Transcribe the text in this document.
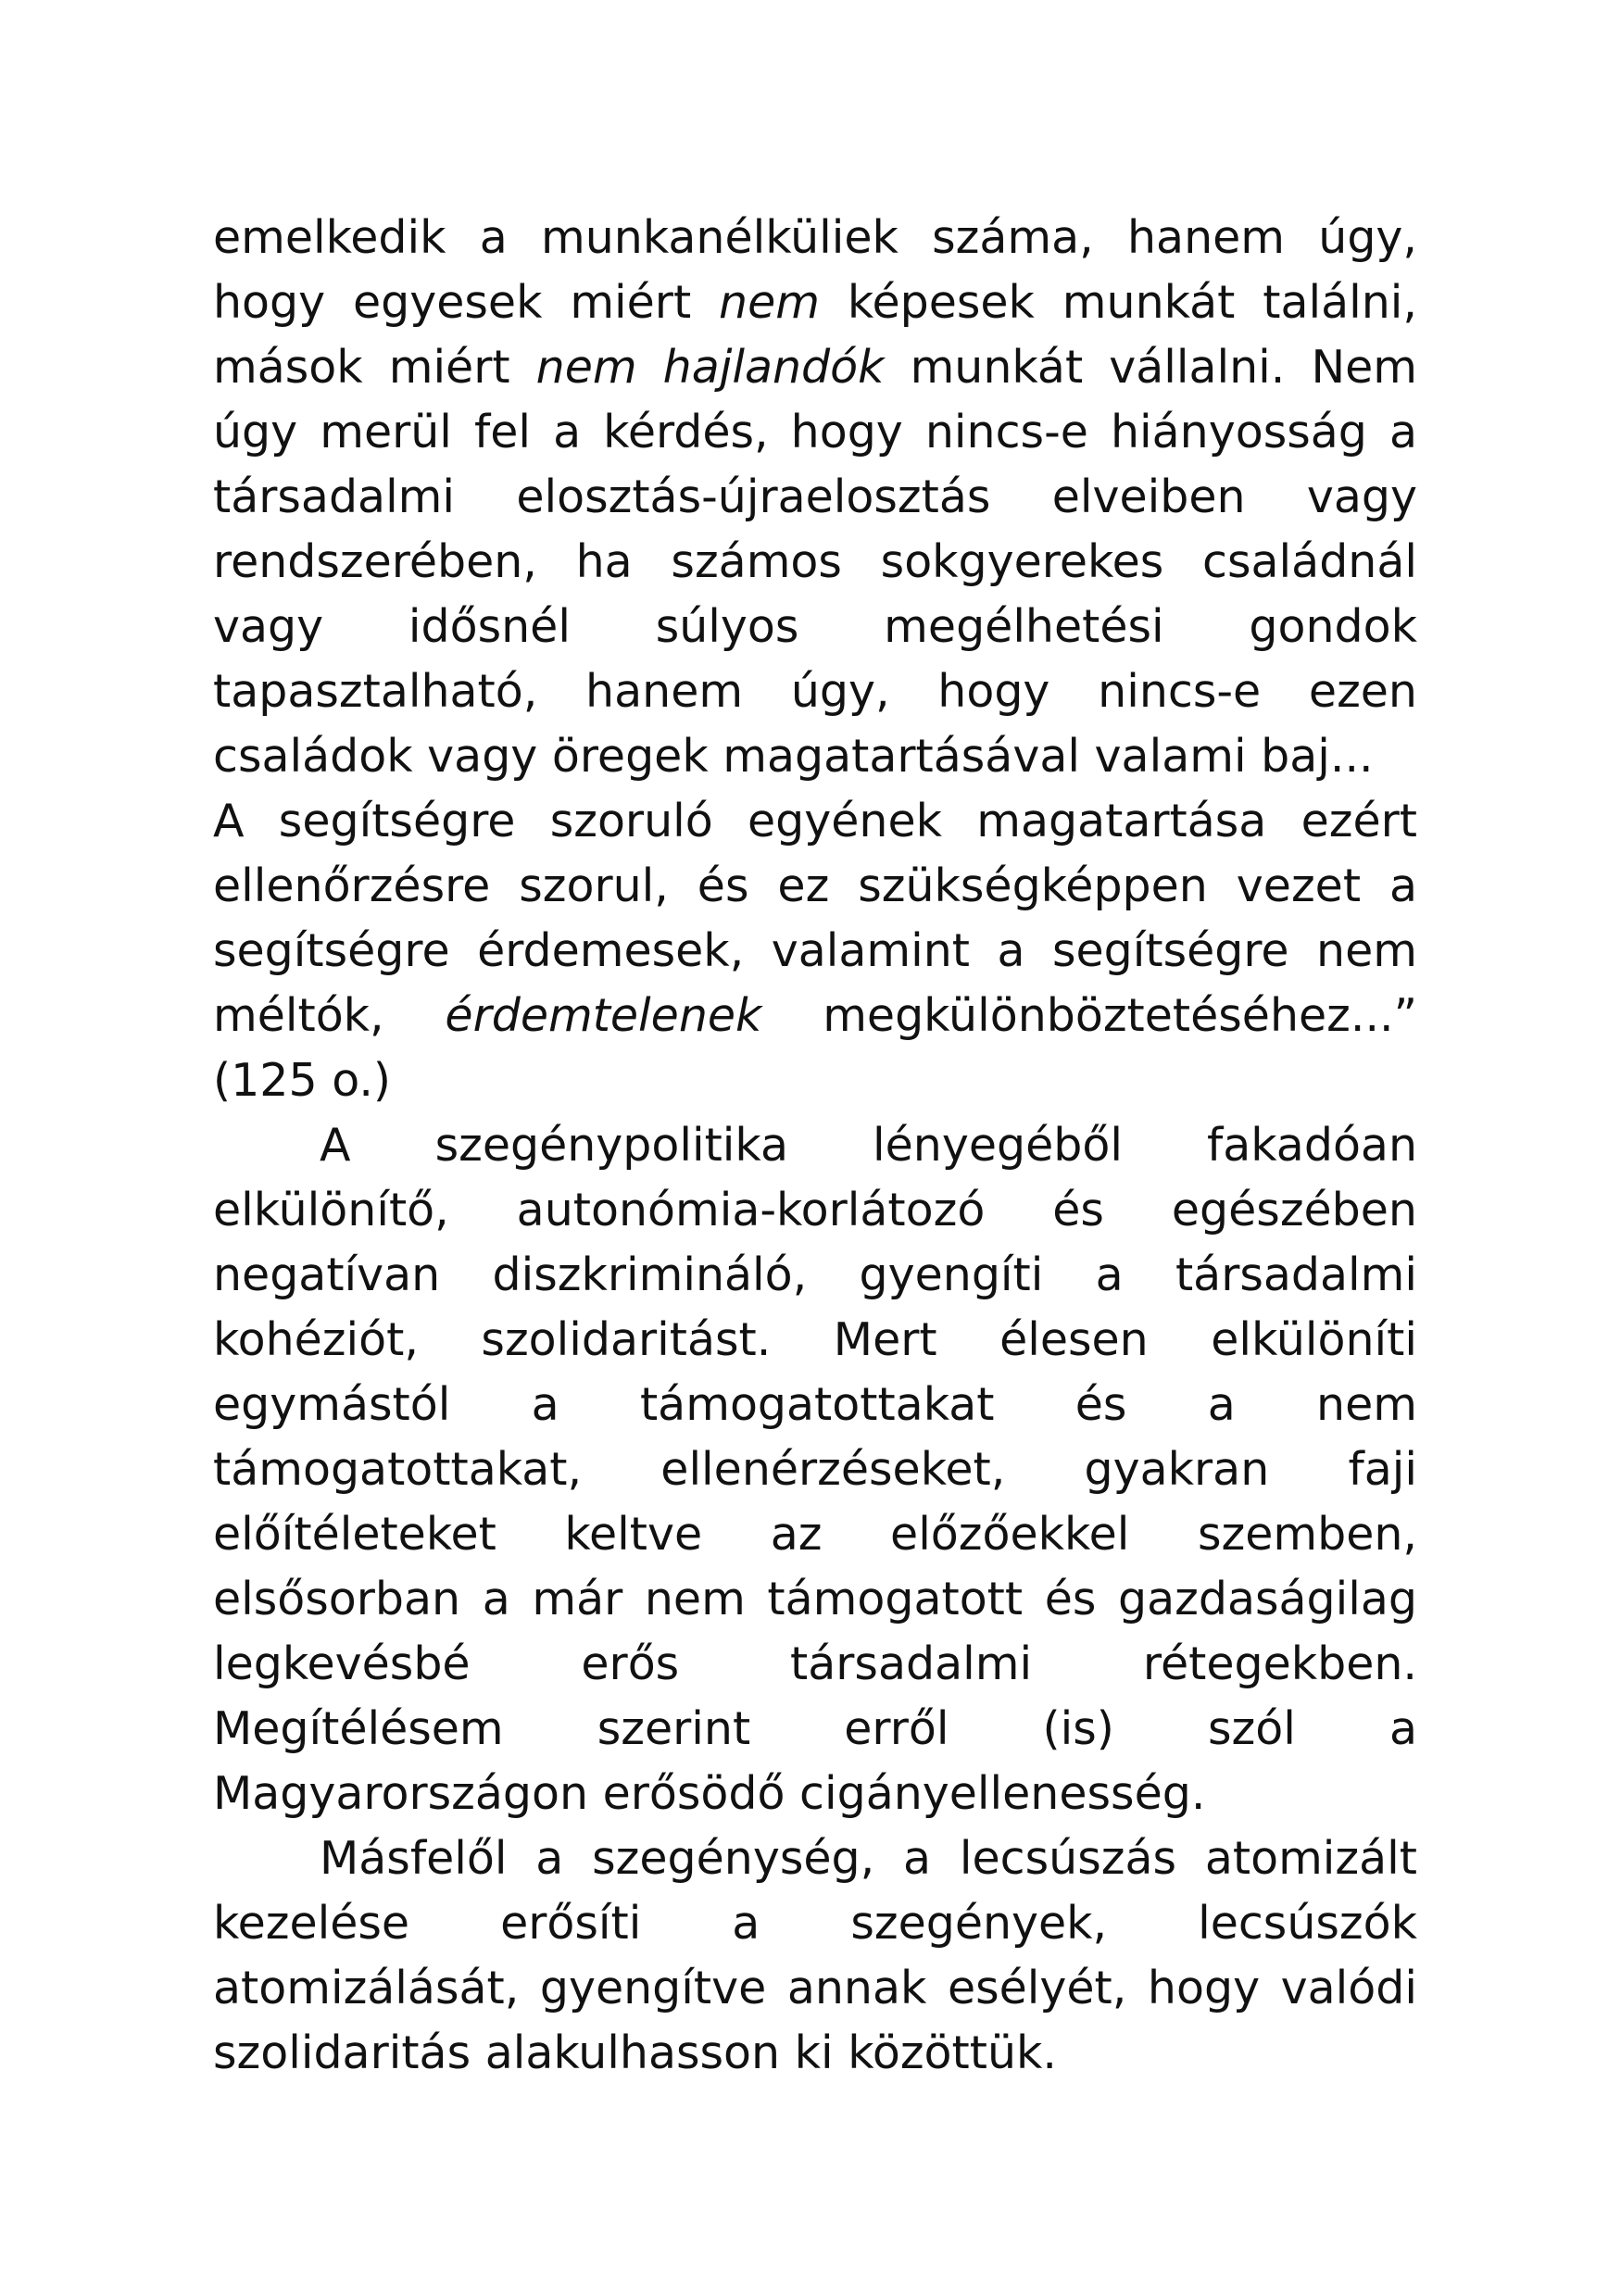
emelkedik a munkanélküliek száma, hanem úgy,
hogy egyesek miért nem képesek munkát találni,
mások miért nem hajlandók munkát vállalni. Nem
úgy merül fel a kérdés, hogy nincs-e hiányosság a
társadalmi elosztás-újraelosztás elveiben vagy
rendszerében, ha számos sokgyerekes családnál
vagy idősnél súlyos megélhetési gondok
tapasztalható, hanem úgy, hogy nincs-e ezen
családok vagy öregek magatartásával valami baj...
A segítségre szoruló egyének magatartása ezért
ellenőrzésre szorul, és ez szükségképpen vezet a
segítségre érdemesek, valamint a segítségre nem
méltók, érdemtelenek megkülönböztetéséhez...”
(125 o.)
A szegénypolitika lényegéből fakadóan
elkülönítő, autonómia-korlátozó és egészében
negatívan diszkrimináló, gyengíti a társadalmi
kohéziót, szolidaritást. Mert élesen elkülöníti
egymástól a támogatottakat és a nem
támogatottakat, ellenérzéseket, gyakran faji
előítéleteket keltve az előzőekkel szemben,
elsősorban a már nem támogatott és gazdaságilag
legkevésbé erős társadalmi rétegekben.
Megítélésem szerint erről (is) szól a
Magyarországon erősödő cigányellenesség.
Másfelől a szegénység, a lecsúszás atomizált
kezelése erősíti a szegények, lecsúszók
atomizálását, gyengítve annak esélyét, hogy valódi
szolidaritás alakulhasson ki közöttük.
